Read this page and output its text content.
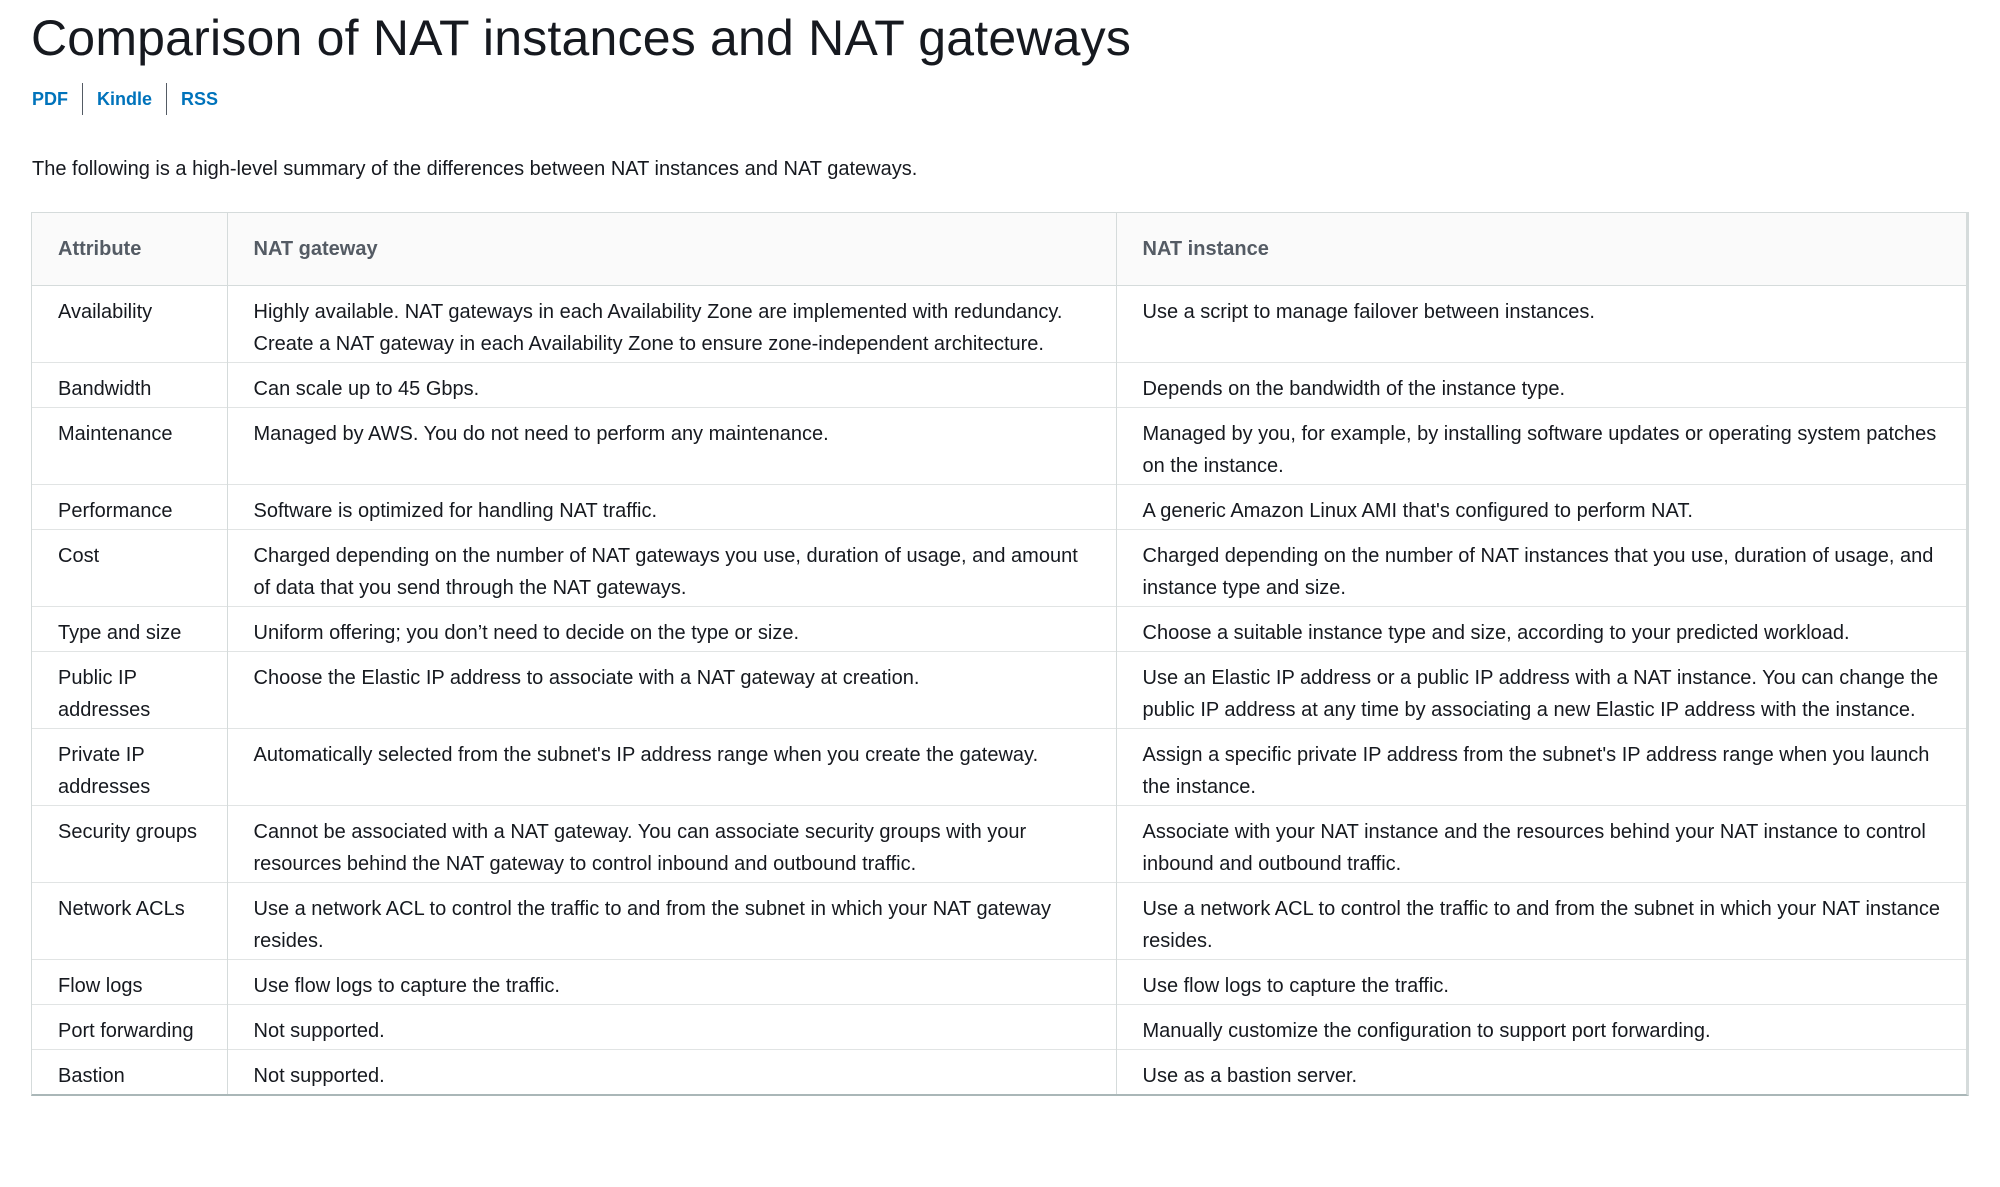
Comparison of NAT instances and NAT gateways
PDF	Kindle	RSS

The following is a high-level summary of the differences between NAT instances and NAT gateways.

Attribute	NAT gateway	NAT instance
Availability	Highly available. NAT gateways in each Availability Zone are implemented with redundancy. Create a NAT gateway in each Availability Zone to ensure zone-independent architecture.	Use a script to manage failover between instances.
Bandwidth	Can scale up to 45 Gbps.	Depends on the bandwidth of the instance type.
Maintenance	Managed by AWS. You do not need to perform any maintenance.	Managed by you, for example, by installing software updates or operating system patches on the instance.
Performance	Software is optimized for handling NAT traffic.	A generic Amazon Linux AMI that's configured to perform NAT.
Cost	Charged depending on the number of NAT gateways you use, duration of usage, and amount of data that you send through the NAT gateways.	Charged depending on the number of NAT instances that you use, duration of usage, and instance type and size.
Type and size	Uniform offering; you don’t need to decide on the type or size.	Choose a suitable instance type and size, according to your predicted workload.
Public IP addresses	Choose the Elastic IP address to associate with a NAT gateway at creation.	Use an Elastic IP address or a public IP address with a NAT instance. You can change the public IP address at any time by associating a new Elastic IP address with the instance.
Private IP addresses	Automatically selected from the subnet's IP address range when you create the gateway.	Assign a specific private IP address from the subnet's IP address range when you launch the instance.
Security groups	Cannot be associated with a NAT gateway. You can associate security groups with your resources behind the NAT gateway to control inbound and outbound traffic.	Associate with your NAT instance and the resources behind your NAT instance to control inbound and outbound traffic.
Network ACLs	Use a network ACL to control the traffic to and from the subnet in which your NAT gateway resides.	Use a network ACL to control the traffic to and from the subnet in which your NAT instance resides.
Flow logs	Use flow logs to capture the traffic.	Use flow logs to capture the traffic.
Port forwarding	Not supported.	Manually customize the configuration to support port forwarding.
Bastion	Not supported.	Use as a bastion server.
